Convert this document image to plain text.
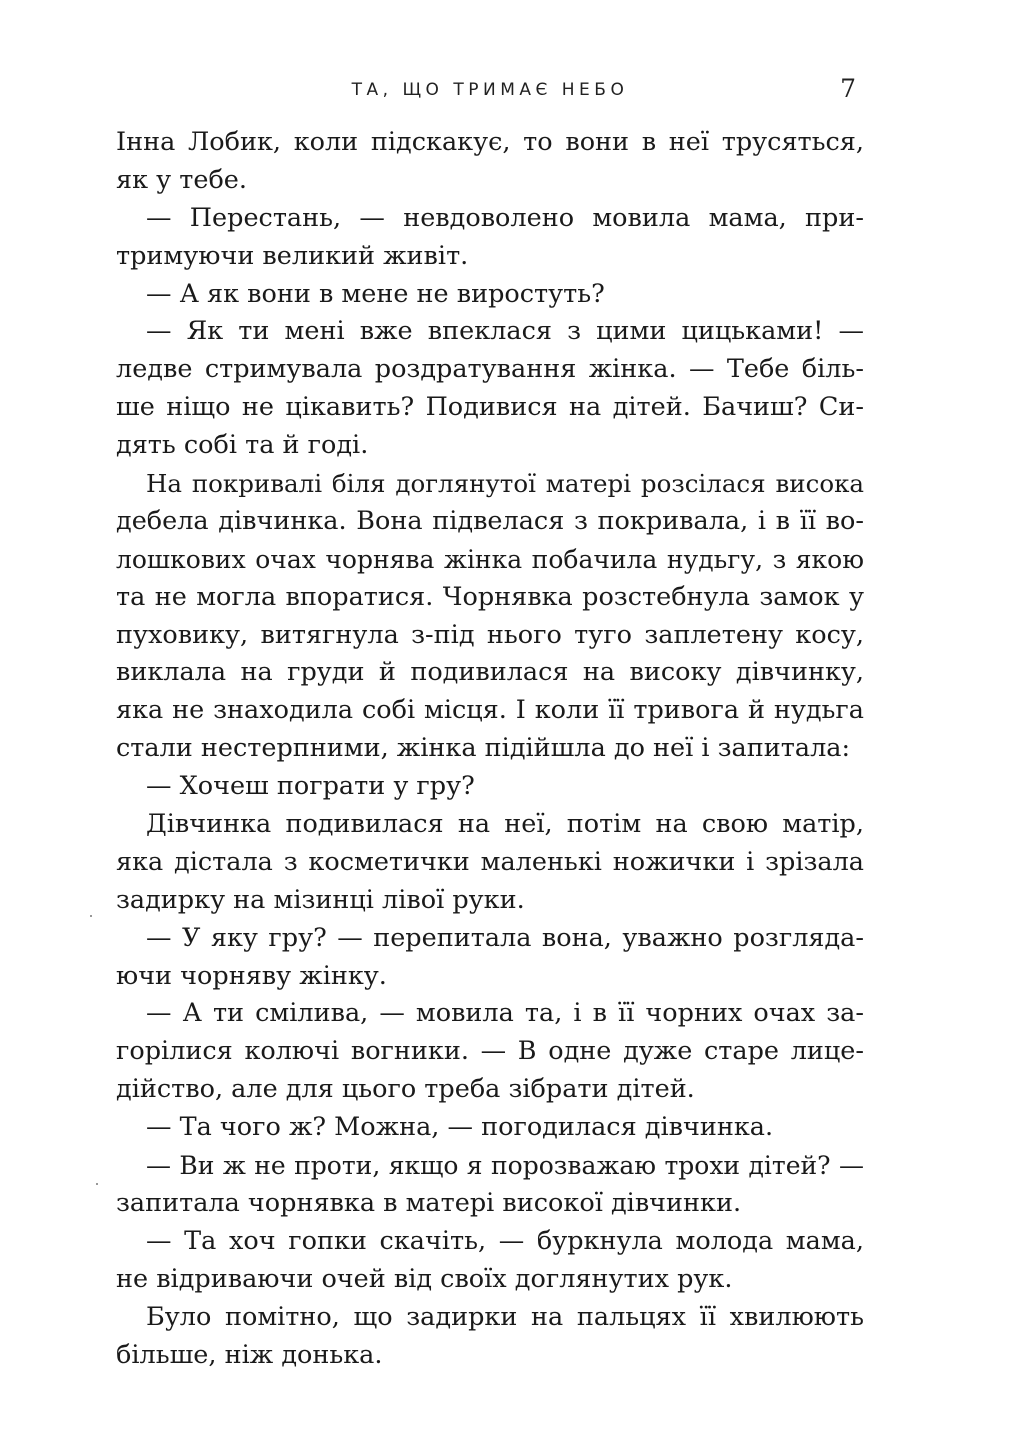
ТА, ЩО ТРИМАЄ НЕБО	7
Інна Лобик, коли підскакує, то вони в неї трусяться,
як у тебе.
— Перестань, — невдоволено мовила мама, при-
тримуючи великий живіт.
— А як вони в мене не виростуть?
— Як ти мені вже впеклася з цими цицьками! —
ледве стримувала роздратування жінка. — Тебе біль-
ше ніщо не цікавить? Подивися на дітей. Бачиш? Си-
дять собі та й годі.
На покривалі біля доглянутої матері розсілася висока
дебела дівчинка. Вона підвелася з покривала, і в її во-
лошкових очах чорнява жінка побачила нудьгу, з якою
та не могла впоратися. Чорнявка розстебнула замок у
пуховику, витягнула з-під нього туго заплетену косу,
виклала на груди й подивилася на високу дівчинку,
яка не знаходила собі місця. І коли її тривога й нудьга
стали нестерпними, жінка підійшла до неї і запитала:
— Хочеш пограти у гру?
Дівчинка подивилася на неї, потім на свою матір,
яка дістала з косметички маленькі ножички і зрізала
задирку на мізинці лівої руки.
— У яку гру? — перепитала вона, уважно розгляда-
ючи чорняву жінку.
— А ти смілива, — мовила та, і в її чорних очах за-
горілися колючі вогники. — В одне дуже старе лице-
дійство, але для цього треба зібрати дітей.
— Та чого ж? Можна, — погодилася дівчинка.
— Ви ж не проти, якщо я порозважаю трохи дітей? —
запитала чорнявка в матері високої дівчинки.
— Та хоч гопки скачіть, — буркнула молода мама,
не відриваючи очей від своїх доглянутих рук.
Було помітно, що задирки на пальцях її хвилюють
більше, ніж донька.
